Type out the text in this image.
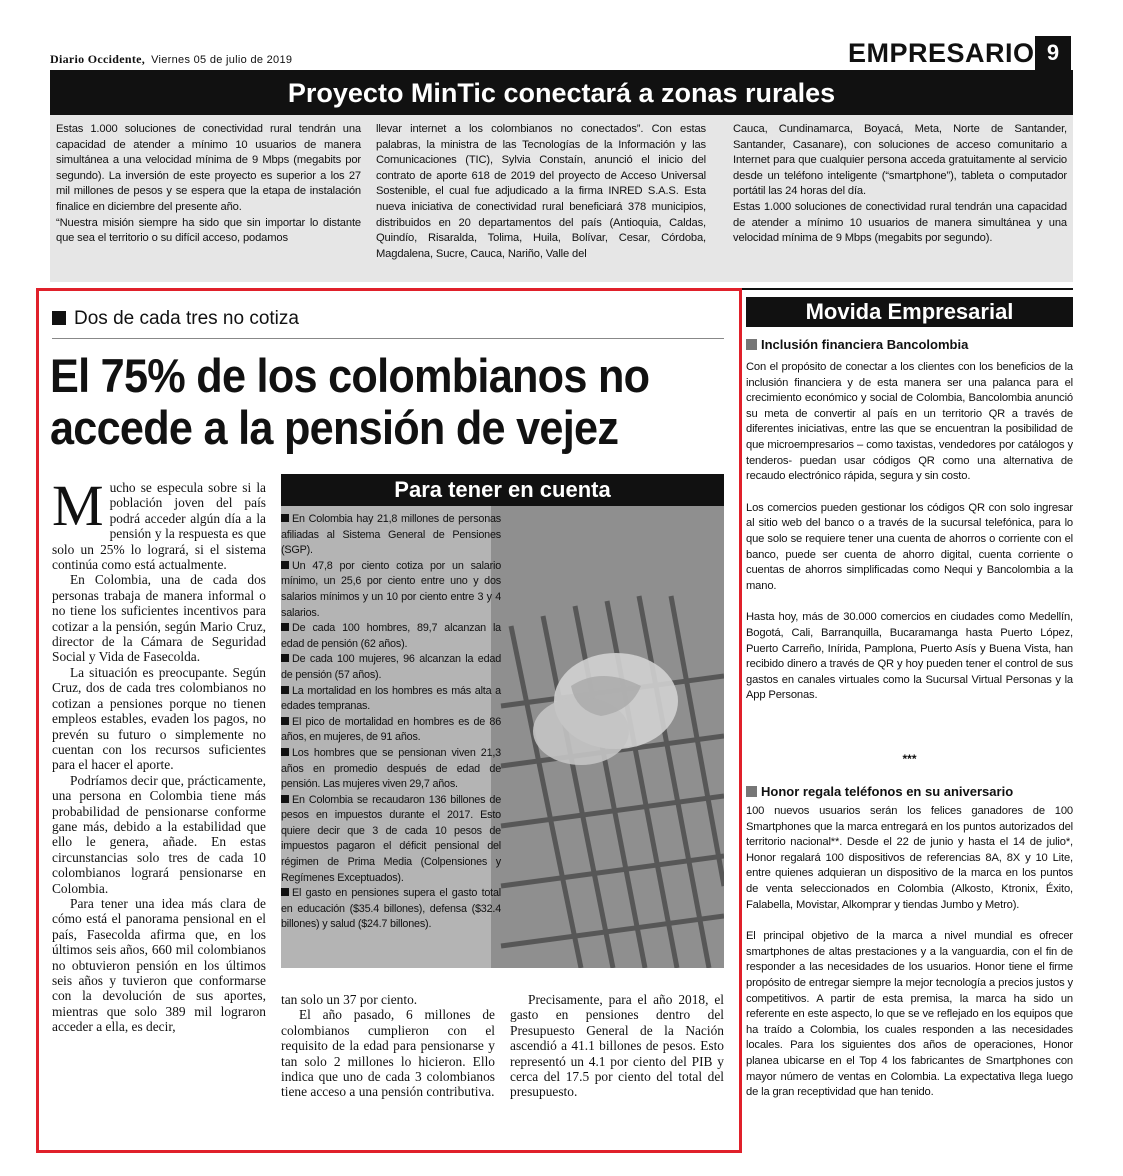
Diario Occidente, Viernes 05 de julio de 2019	EMPRESARIO 9
Proyecto MinTic conectará a zonas rurales

Estas 1.000 soluciones de conectividad rural tendrán una capacidad de atender a mínimo 10 usuarios de manera simultánea a una velocidad mínima de 9 Mbps (megabits por segundo). La inversión de este proyecto es superior a los 27 mil millones de pesos y se espera que la etapa de instalación finalice en diciembre del presente año.

“Nuestra misión siempre ha sido que sin importar lo distante que sea el territorio o su difícil acceso, podamos

llevar internet a los colombianos no conectados”. Con estas palabras, la ministra de las Tecnologías de la Información y las Comunicaciones (TIC), Sylvia Constaín, anunció el inicio del contrato de aporte 618 de 2019 del proyecto de Acceso Universal Sostenible, el cual fue adjudicado a la firma INRED S.A.S. Esta nueva iniciativa de conectividad rural beneficiará 378 municipios, distribuidos en 20 departamentos del país (Antioquia, Caldas, Quindío, Risaralda, Tolima, Huila, Bolívar, Cesar, Córdoba, Magdalena, Sucre, Cauca, Nariño, Valle del

Cauca, Cundinamarca, Boyacá, Meta, Norte de Santander, Santander, Casanare), con soluciones de acceso comunitario a Internet para que cualquier persona acceda gratuitamente al servicio desde un teléfono inteligente (“smartphone”), tableta o computador portátil las 24 horas del día.

Estas 1.000 soluciones de conectividad rural tendrán una capacidad de atender a mínimo 10 usuarios de manera simultánea y una velocidad mínima de 9 Mbps (megabits por segundo).

Dos de cada tres no cotiza
El 75% de los colombianos no accede a la pensión de vejez

Mucho se especula sobre si la población joven del país podrá acceder algún día a la pensión y la respuesta es que solo un 25% lo logrará, si el sistema continúa como está actualmente.

En Colombia, una de cada dos personas trabaja de manera informal o no tiene los suficientes incentivos para cotizar a la pensión, según Mario Cruz, director de la Cámara de Seguridad Social y Vida de Fasecolda.

La situación es preocupante. Según Cruz, dos de cada tres colombianos no cotizan a pensiones porque no tienen empleos estables, evaden los pagos, no prevén su futuro o simplemente no cuentan con los recursos suficientes para el hacer el aporte.

Podríamos decir que, prácticamente, una persona en Colombia tiene más probabilidad de pensionarse conforme gane más, debido a la estabilidad que ello le genera, añade. En estas circunstancias solo tres de cada 10 colombianos logrará pensionarse en Colombia.

Para tener una idea más clara de cómo está el panorama pensional en el país, Fasecolda afirma que, en los últimos seis años, 660 mil colombianos no obtuvieron pensión en los últimos seis años y tuvieron que conformarse con la devolución de sus aportes, mientras que solo 389 mil lograron acceder a ella, es decir,

Para tener en cuenta

En Colombia hay 21,8 millones de personas afiliadas al Sistema General de Pensiones (SGP).

Un 47,8 por ciento cotiza por un salario mínimo, un 25,6 por ciento entre uno y dos salarios mínimos y un 10 por ciento entre 3 y 4 salarios.

De cada 100 hombres, 89,7 alcanzan la edad de pensión (62 años).

De cada 100 mujeres, 96 alcanzan la edad de pensión (57 años).

La mortalidad en los hombres es más alta a edades tempranas.

El pico de mortalidad en hombres es de 86 años, en mujeres, de 91 años.

Los hombres que se pensionan viven 21,3 años en promedio después de edad de pensión. Las mujeres viven 29,7 años.

En Colombia se recaudaron 136 billones de pesos en impuestos durante el 2017. Esto quiere decir que 3 de cada 10 pesos de impuestos pagaron el déficit pensional del régimen de Prima Media (Colpensiones y Regímenes Exceptuados).

El gasto en pensiones supera el gasto total en educación ($35.4 billones), defensa ($32.4 billones) y salud ($24.7 billones).

tan solo un 37 por ciento.

El año pasado, 6 millones de colombianos cumplieron con el requisito de la edad para pensionarse y tan solo 2 millones lo hicieron. Ello indica que uno de cada 3 colombianos tiene acceso a una pensión contributiva.

Precisamente, para el año 2018, el gasto en pensiones dentro del Presupuesto General de la Nación ascendió a 41.1 billones de pesos. Esto representó un 4.1 por ciento del PIB y cerca del 17.5 por ciento del total del presupuesto.

Movida Empresarial
Inclusión financiera Bancolombia

Con el propósito de conectar a los clientes con los beneficios de la inclusión financiera y de esta manera ser una palanca para el crecimiento económico y social de Colombia, Bancolombia anunció su meta de convertir al país en un territorio QR a través de diferentes iniciativas, entre las que se encuentran la posibilidad de que microempresarios – como taxistas, vendedores por catálogos y tenderos- puedan usar códigos QR como una alternativa de recaudo electrónico rápida, segura y sin costo.

Los comercios pueden gestionar los códigos QR con solo ingresar al sitio web del banco o a través de la sucursal telefónica, para lo que solo se requiere tener una cuenta de ahorros o corriente con el banco, puede ser cuenta de ahorro digital, cuenta corriente o cuentas de ahorros simplificadas como Nequi y Bancolombia a la mano.

Hasta hoy, más de 30.000 comercios en ciudades como Medellín, Bogotá, Cali, Barranquilla, Bucaramanga hasta Puerto López, Puerto Carreño, Inírida, Pamplona, Puerto Asís y Buena Vista, han recibido dinero a través de QR y hoy pueden tener el control de sus gastos en canales virtuales como la Sucursal Virtual Personas y la App Personas.

***
Honor regala teléfonos en su aniversario

100 nuevos usuarios serán los felices ganadores de 100 Smartphones que la marca entregará en los puntos autorizados del territorio nacional**. Desde el 22 de junio y hasta el 14 de julio*, Honor regalará 100 dispositivos de referencias 8A, 8X y 10 Lite, entre quienes adquieran un dispositivo de la marca en los puntos de venta seleccionados en Colombia (Alkosto, Ktronix, Éxito, Falabella, Movistar, Alkomprar y tiendas Jumbo y Metro).

El principal objetivo de la marca a nivel mundial es ofrecer smartphones de altas prestaciones y a la vanguardia, con el fin de responder a las necesidades de los usuarios. Honor tiene el firme propósito de entregar siempre la mejor tecnología a precios justos y competitivos. A partir de esta premisa, la marca ha sido un referente en este aspecto, lo que se ve reflejado en los equipos que ha traído a Colombia, los cuales responden a las necesidades locales. Para los siguientes dos años de operaciones, Honor planea ubicarse en el Top 4 los fabricantes de Smartphones con mayor número de ventas en Colombia. La expectativa llega luego de la gran receptividad que han tenido.
